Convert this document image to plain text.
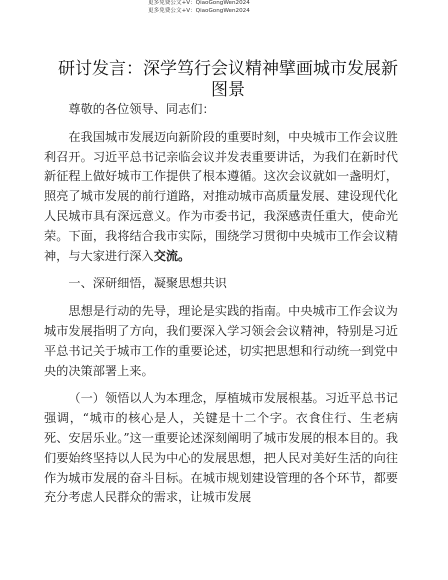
更多免费公文+V：QiaoGongWen2024
更多免费公文+V：QiaoGongWen2024
研讨发言：深学笃行会议精神擘画城市发展新图景

尊敬的各位领导、同志们：

在我国城市发展迈向新阶段的重要时刻，中央城市工作会议胜利召开。习近平总书记亲临会议并发表重要讲话，为我们在新时代新征程上做好城市工作提供了根本遵循。这次会议就如一盏明灯，照亮了城市发展的前行道路，对推动城市高质量发展、建设现代化人民城市具有深远意义。作为市委书记，我深感责任重大，使命光荣。下面，我将结合我市实际，围绕学习贯彻中央城市工作会议精神，与大家进行深入交流。

一、深研细悟，凝聚思想共识

思想是行动的先导，理论是实践的指南。中央城市工作会议为城市发展指明了方向，我们要深入学习领会会议精神，特别是习近平总书记关于城市工作的重要论述，切实把思想和行动统一到党中央的决策部署上来。

（一）领悟以人为本理念，厚植城市发展根基。习近平总书记强调，“城市的核心是人，关键是十二个字。衣食住行、生老病死、安居乐业。”这一重要论述深刻阐明了城市发展的根本目的。我们要始终坚持以人民为中心的发展思想，把人民对美好生活的向往作为城市发展的奋斗目标。在城市规划建设管理的各个环节，都要充分考虑人民群众的需求，让城市发展
